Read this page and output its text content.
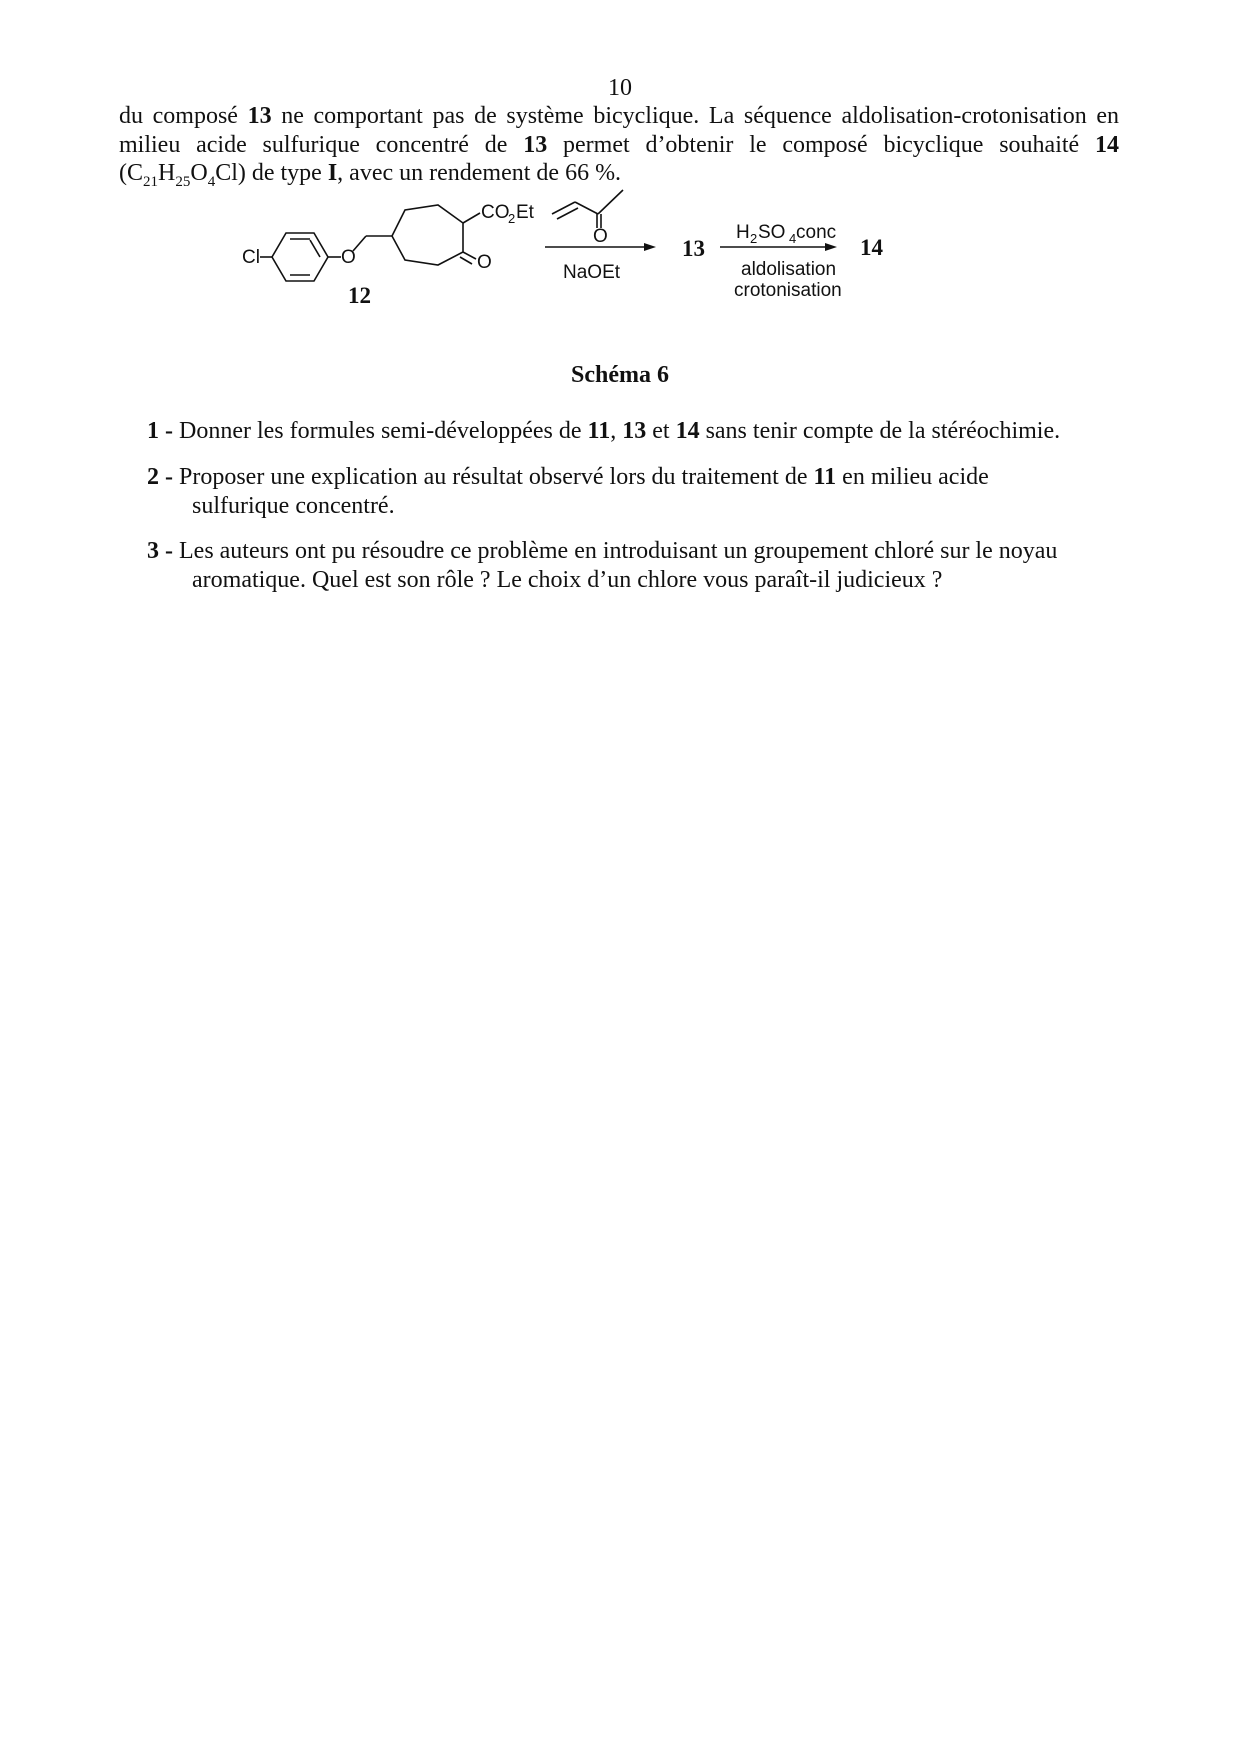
10
du composé 13 ne comportant pas de système bicyclique. La séquence aldolisation-crotonisation en milieu acide sulfurique concentré de 13 permet d’obtenir le composé bicyclique souhaité 14 $(C_{21}H_{25}O_4Cl)$ de type I, avec un rendement de 66 %.
Cl	O
CO
2 Et
O
12
O
NaOEt
13
H 2 SO 4 conc
aldolisation
crotonisation
14
Schéma 6
1 - Donner les formules semi-développées de 11, 13 et 14 sans tenir compte de la stéréochimie.
2 - Proposer une explication au résultat observé lors du traitement de 11 en milieu acide
sulfurique concentré.
3 - Les auteurs ont pu résoudre ce problème en introduisant un groupement chloré sur le noyau
aromatique. Quel est son rôle ? Le choix d’un chlore vous paraît-il judicieux ?
